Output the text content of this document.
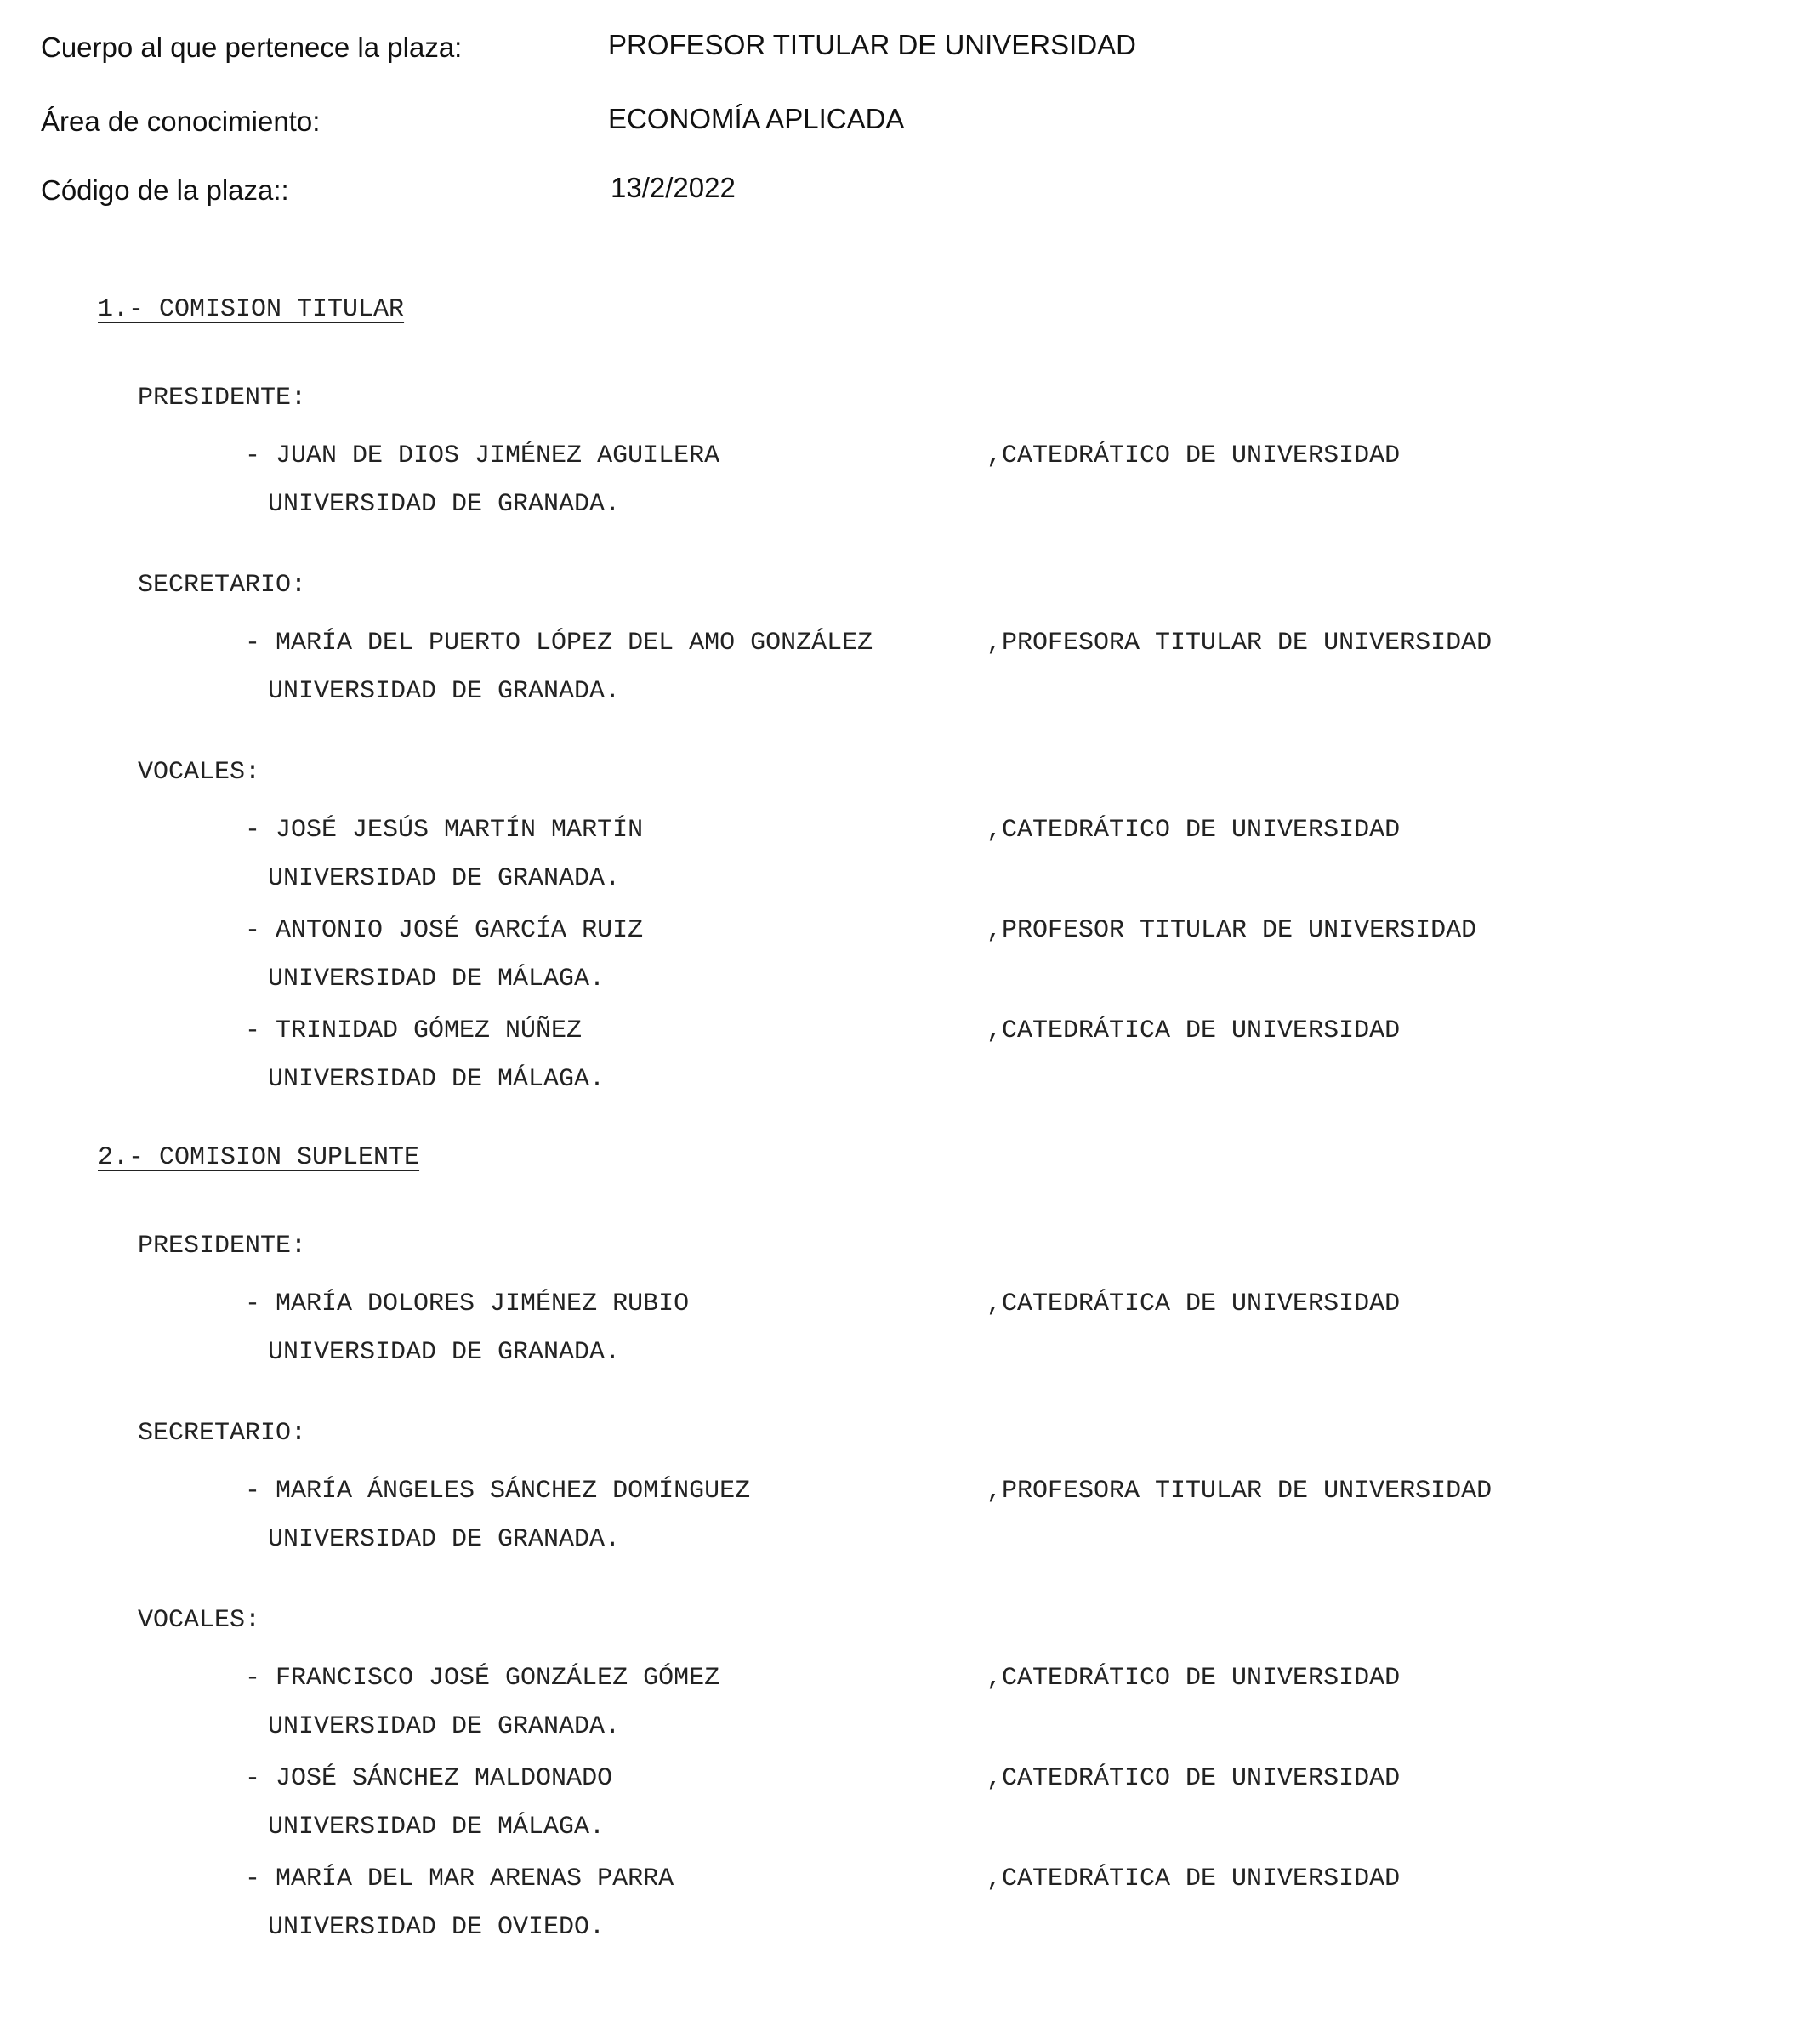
Cuerpo al que pertenece la plaza:	PROFESOR TITULAR DE UNIVERSIDAD
Área de conocimiento:	ECONOMÍA APLICADA
Código de la plaza::	13/2/2022
1.- COMISION TITULAR
PRESIDENTE:
- JUAN DE DIOS JIMÉNEZ AGUILERA	,CATEDRÁTICO DE UNIVERSIDAD
UNIVERSIDAD DE GRANADA.
SECRETARIO:
- MARÍA DEL PUERTO LÓPEZ DEL AMO GONZÁLEZ	,PROFESORA TITULAR DE UNIVERSIDAD
UNIVERSIDAD DE GRANADA.
VOCALES:
- JOSÉ JESÚS MARTÍN MARTÍN	,CATEDRÁTICO DE UNIVERSIDAD
UNIVERSIDAD DE GRANADA.
- ANTONIO JOSÉ GARCÍA RUIZ	,PROFESOR TITULAR DE UNIVERSIDAD
UNIVERSIDAD DE MÁLAGA.
- TRINIDAD GÓMEZ NÚÑEZ	,CATEDRÁTICA DE UNIVERSIDAD
UNIVERSIDAD DE MÁLAGA.
2.- COMISION SUPLENTE
PRESIDENTE:
- MARÍA DOLORES JIMÉNEZ RUBIO	,CATEDRÁTICA DE UNIVERSIDAD
UNIVERSIDAD DE GRANADA.
SECRETARIO:
- MARÍA ÁNGELES SÁNCHEZ DOMÍNGUEZ	,PROFESORA TITULAR DE UNIVERSIDAD
UNIVERSIDAD DE GRANADA.
VOCALES:
- FRANCISCO JOSÉ GONZÁLEZ GÓMEZ	,CATEDRÁTICO DE UNIVERSIDAD
UNIVERSIDAD DE GRANADA.
- JOSÉ SÁNCHEZ MALDONADO	,CATEDRÁTICO DE UNIVERSIDAD
UNIVERSIDAD DE MÁLAGA.
- MARÍA DEL MAR ARENAS PARRA	,CATEDRÁTICA DE UNIVERSIDAD
UNIVERSIDAD DE OVIEDO.
